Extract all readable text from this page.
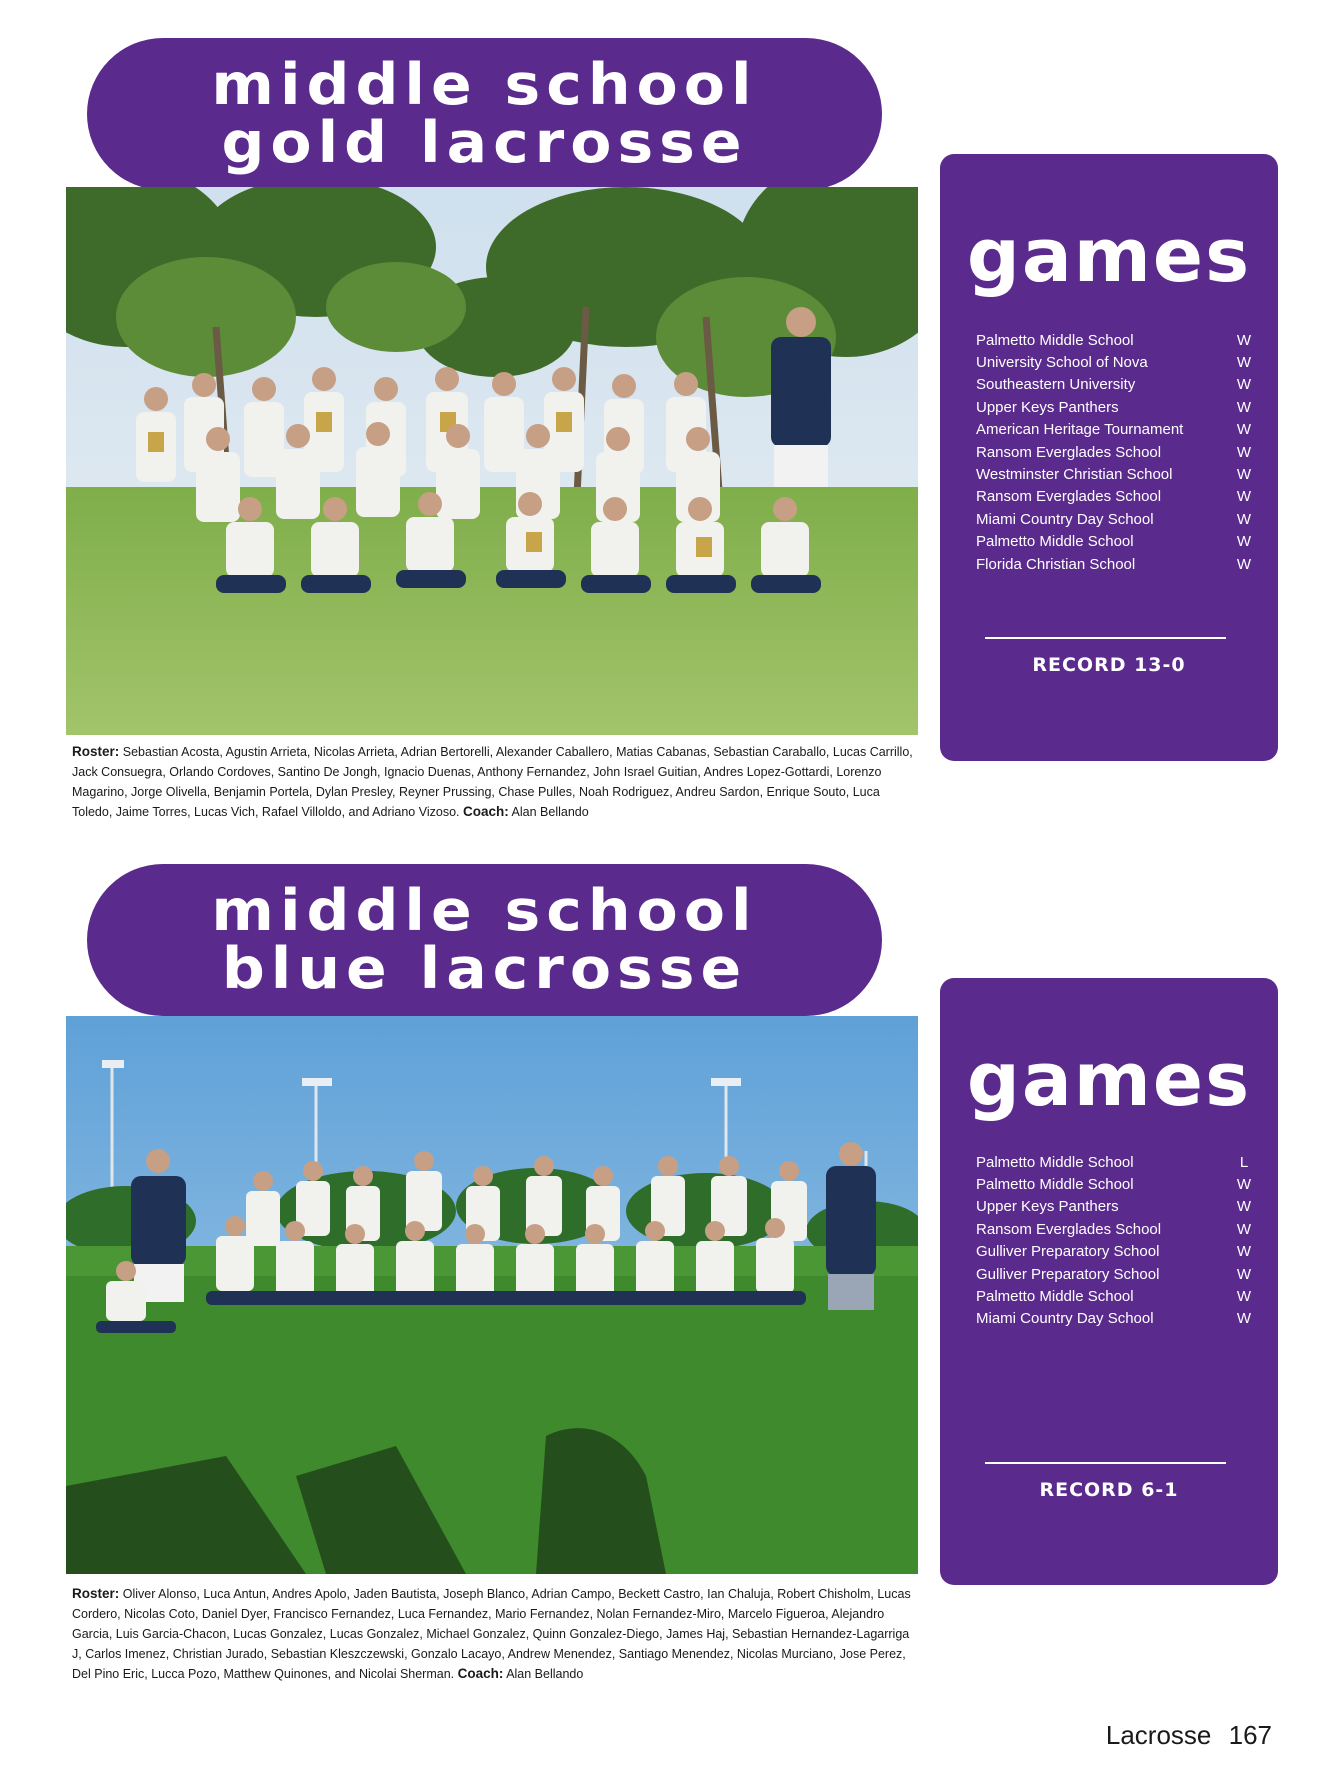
middle school
gold lacrosse
games
Palmetto Middle School	W
University School of Nova	W
Southeastern University	W
Upper Keys Panthers	W
American Heritage Tournament	W
Ransom Everglades School	W
Westminster Christian School	W
Ransom Everglades School	W
Miami Country Day School	W
Palmetto Middle School	W
Florida Christian School	W
RECORD 13-0
Roster: Sebastian Acosta, Agustin Arrieta, Nicolas Arrieta, Adrian Bertorelli, Alexander Caballero, Matias Cabanas, Sebastian Caraballo, Lucas Carrillo, Jack Consuegra, Orlando Cordoves, Santino De Jongh, Ignacio Duenas, Anthony Fernandez, John Israel Guitian, Andres Lopez-Gottardi, Lorenzo Magarino, Jorge Olivella, Benjamin Portela, Dylan Presley, Reyner Prussing, Chase Pulles, Noah Rodriguez, Andreu Sardon, Enrique Souto, Luca Toledo, Jaime Torres, Lucas Vich, Rafael Villoldo, and Adriano Vizoso. Coach: Alan Bellando
middle school
blue lacrosse
games
Palmetto Middle School	L
Palmetto Middle School	W
Upper Keys Panthers	W
Ransom Everglades School	W
Gulliver Preparatory School	W
Gulliver Preparatory School	W
Palmetto Middle School	W
Miami Country Day School	W
RECORD 6-1
Roster: Oliver Alonso, Luca Antun, Andres Apolo, Jaden Bautista, Joseph Blanco, Adrian Campo, Beckett Castro, Ian Chaluja, Robert Chisholm, Lucas Cordero, Nicolas Coto, Daniel Dyer, Francisco Fernandez, Luca Fernandez, Mario Fernandez, Nolan Fernandez-Miro, Marcelo Figueroa, Alejandro Garcia, Luis Garcia-Chacon, Lucas Gonzalez, Lucas Gonzalez, Michael Gonzalez, Quinn Gonzalez-Diego, James Haj, Sebastian Hernandez-Lagarriga J, Carlos Imenez, Christian Jurado, Sebastian Kleszczewski, Gonzalo Lacayo, Andrew Menendez, Santiago Menendez, Nicolas Murciano, Jose Perez, Del Pino Eric, Lucca Pozo, Matthew Quinones, and Nicolai Sherman. Coach: Alan Bellando
Lacrosse 167
